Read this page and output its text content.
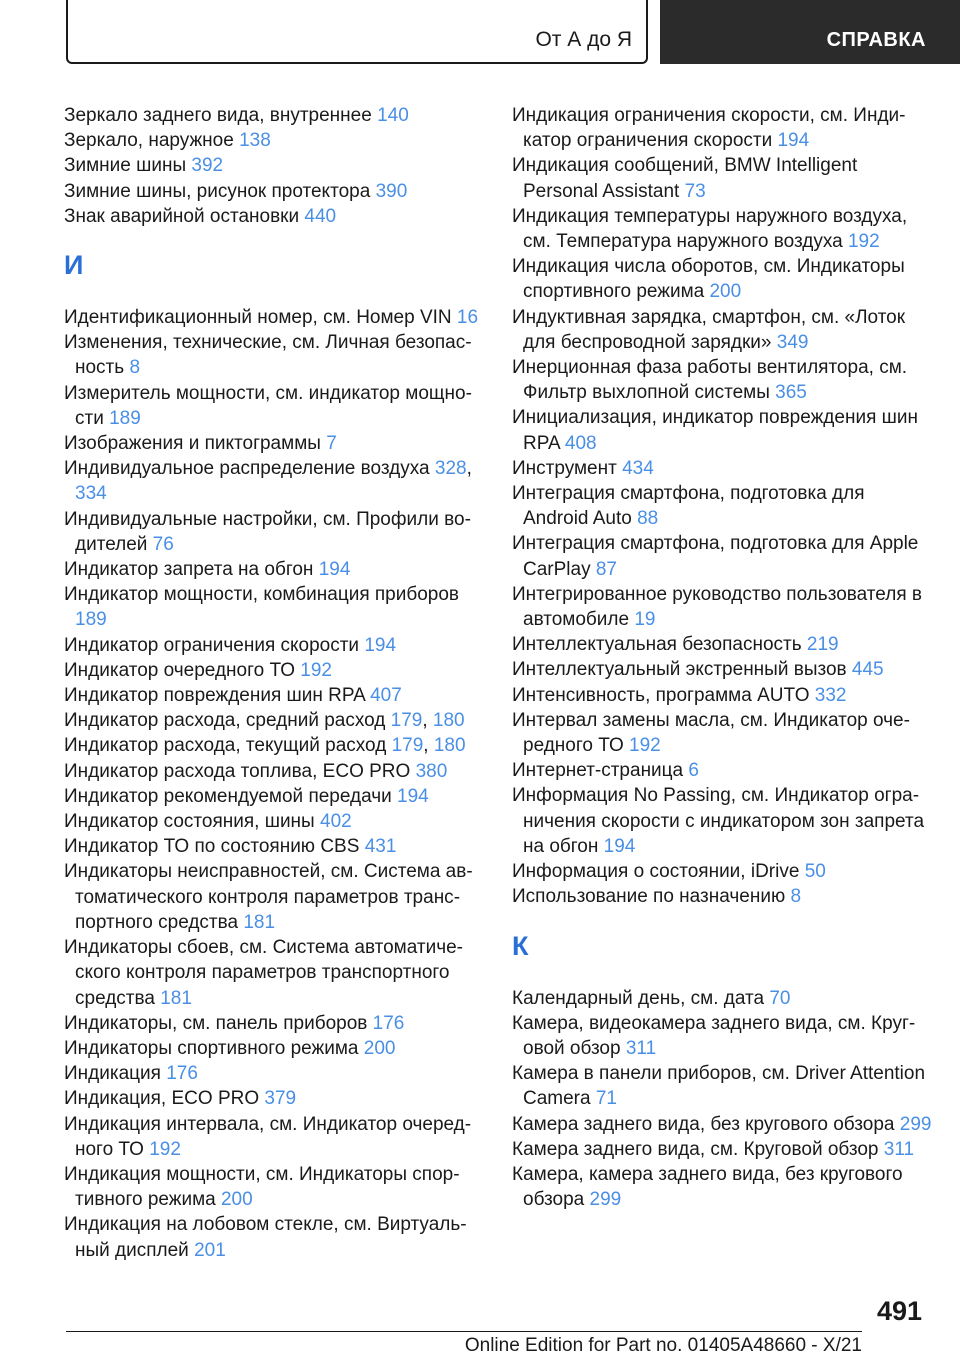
От А до Я	СПРАВКА

Зеркало заднего вида, внутреннее 140

Зеркало, наружное 138

Зимние шины 392

Зимние шины, рисунок протектора 390

Знак аварийной остановки 440

И

Идентификационный номер, см. Номер VIN 16

Изменения, технические, см. Личная безопасность 8

Измеритель мощности, см. индикатор мощности 189

Изображения и пиктограммы 7

Индивидуальное распределение воздуха 328, 334

Индивидуальные настройки, см. Профили водителей 76

Индикатор запрета на обгон 194

Индикатор мощности, комбинация приборов 189

Индикатор ограничения скорости 194

Индикатор очередного ТО 192

Индикатор повреждения шин RPA 407

Индикатор расхода, средний расход 179, 180

Индикатор расхода, текущий расход 179, 180

Индикатор расхода топлива, ECO PRO 380

Индикатор рекомендуемой передачи 194

Индикатор состояния, шины 402

Индикатор ТО по состоянию CBS 431

Индикаторы неисправностей, см. Система автоматического контроля параметров транспортного средства 181

Индикаторы сбоев, см. Система автоматического контроля параметров транспортного средства 181

Индикаторы, см. панель приборов 176

Индикаторы спортивного режима 200

Индикация 176

Индикация, ECO PRO 379

Индикация интервала, см. Индикатор очередного ТО 192

Индикация мощности, см. Индикаторы спортивного режима 200

Индикация на лобовом стекле, см. Виртуальный дисплей 201

Индикация ограничения скорости, см. Индикатор ограничения скорости 194

Индикация сообщений, BMW Intelligent Personal Assistant 73

Индикация температуры наружного воздуха, см. Температура наружного воздуха 192

Индикация числа оборотов, см. Индикаторы спортивного режима 200

Индуктивная зарядка, смартфон, см. «Лоток для беспроводной зарядки» 349

Инерционная фаза работы вентилятора, см. Фильтр выхлопной системы 365

Инициализация, индикатор повреждения шин RPA 408

Инструмент 434

Интеграция смартфона, подготовка для Android Auto 88

Интеграция смартфона, подготовка для Apple CarPlay 87

Интегрированное руководство пользователя в автомобиле 19

Интеллектуальная безопасность 219

Интеллектуальный экстренный вызов 445

Интенсивность, программа AUTO 332

Интервал замены масла, см. Индикатор очередного ТО 192

Интернет-страница 6

Информация No Passing, см. Индикатор ограничения скорости с индикатором зон запрета на обгон 194

Информация о состоянии, iDrive 50

Использование по назначению 8

К

Календарный день, см. дата 70

Камера, видеокамера заднего вида, см. Круговой обзор 311

Камера в панели приборов, см. Driver Attention Camera 71

Камера заднего вида, без кругового обзора 299

Камера заднего вида, см. Круговой обзор 311

Камера, камера заднего вида, без кругового обзора 299

491
Online Edition for Part no. 01405A48660 - X/21
